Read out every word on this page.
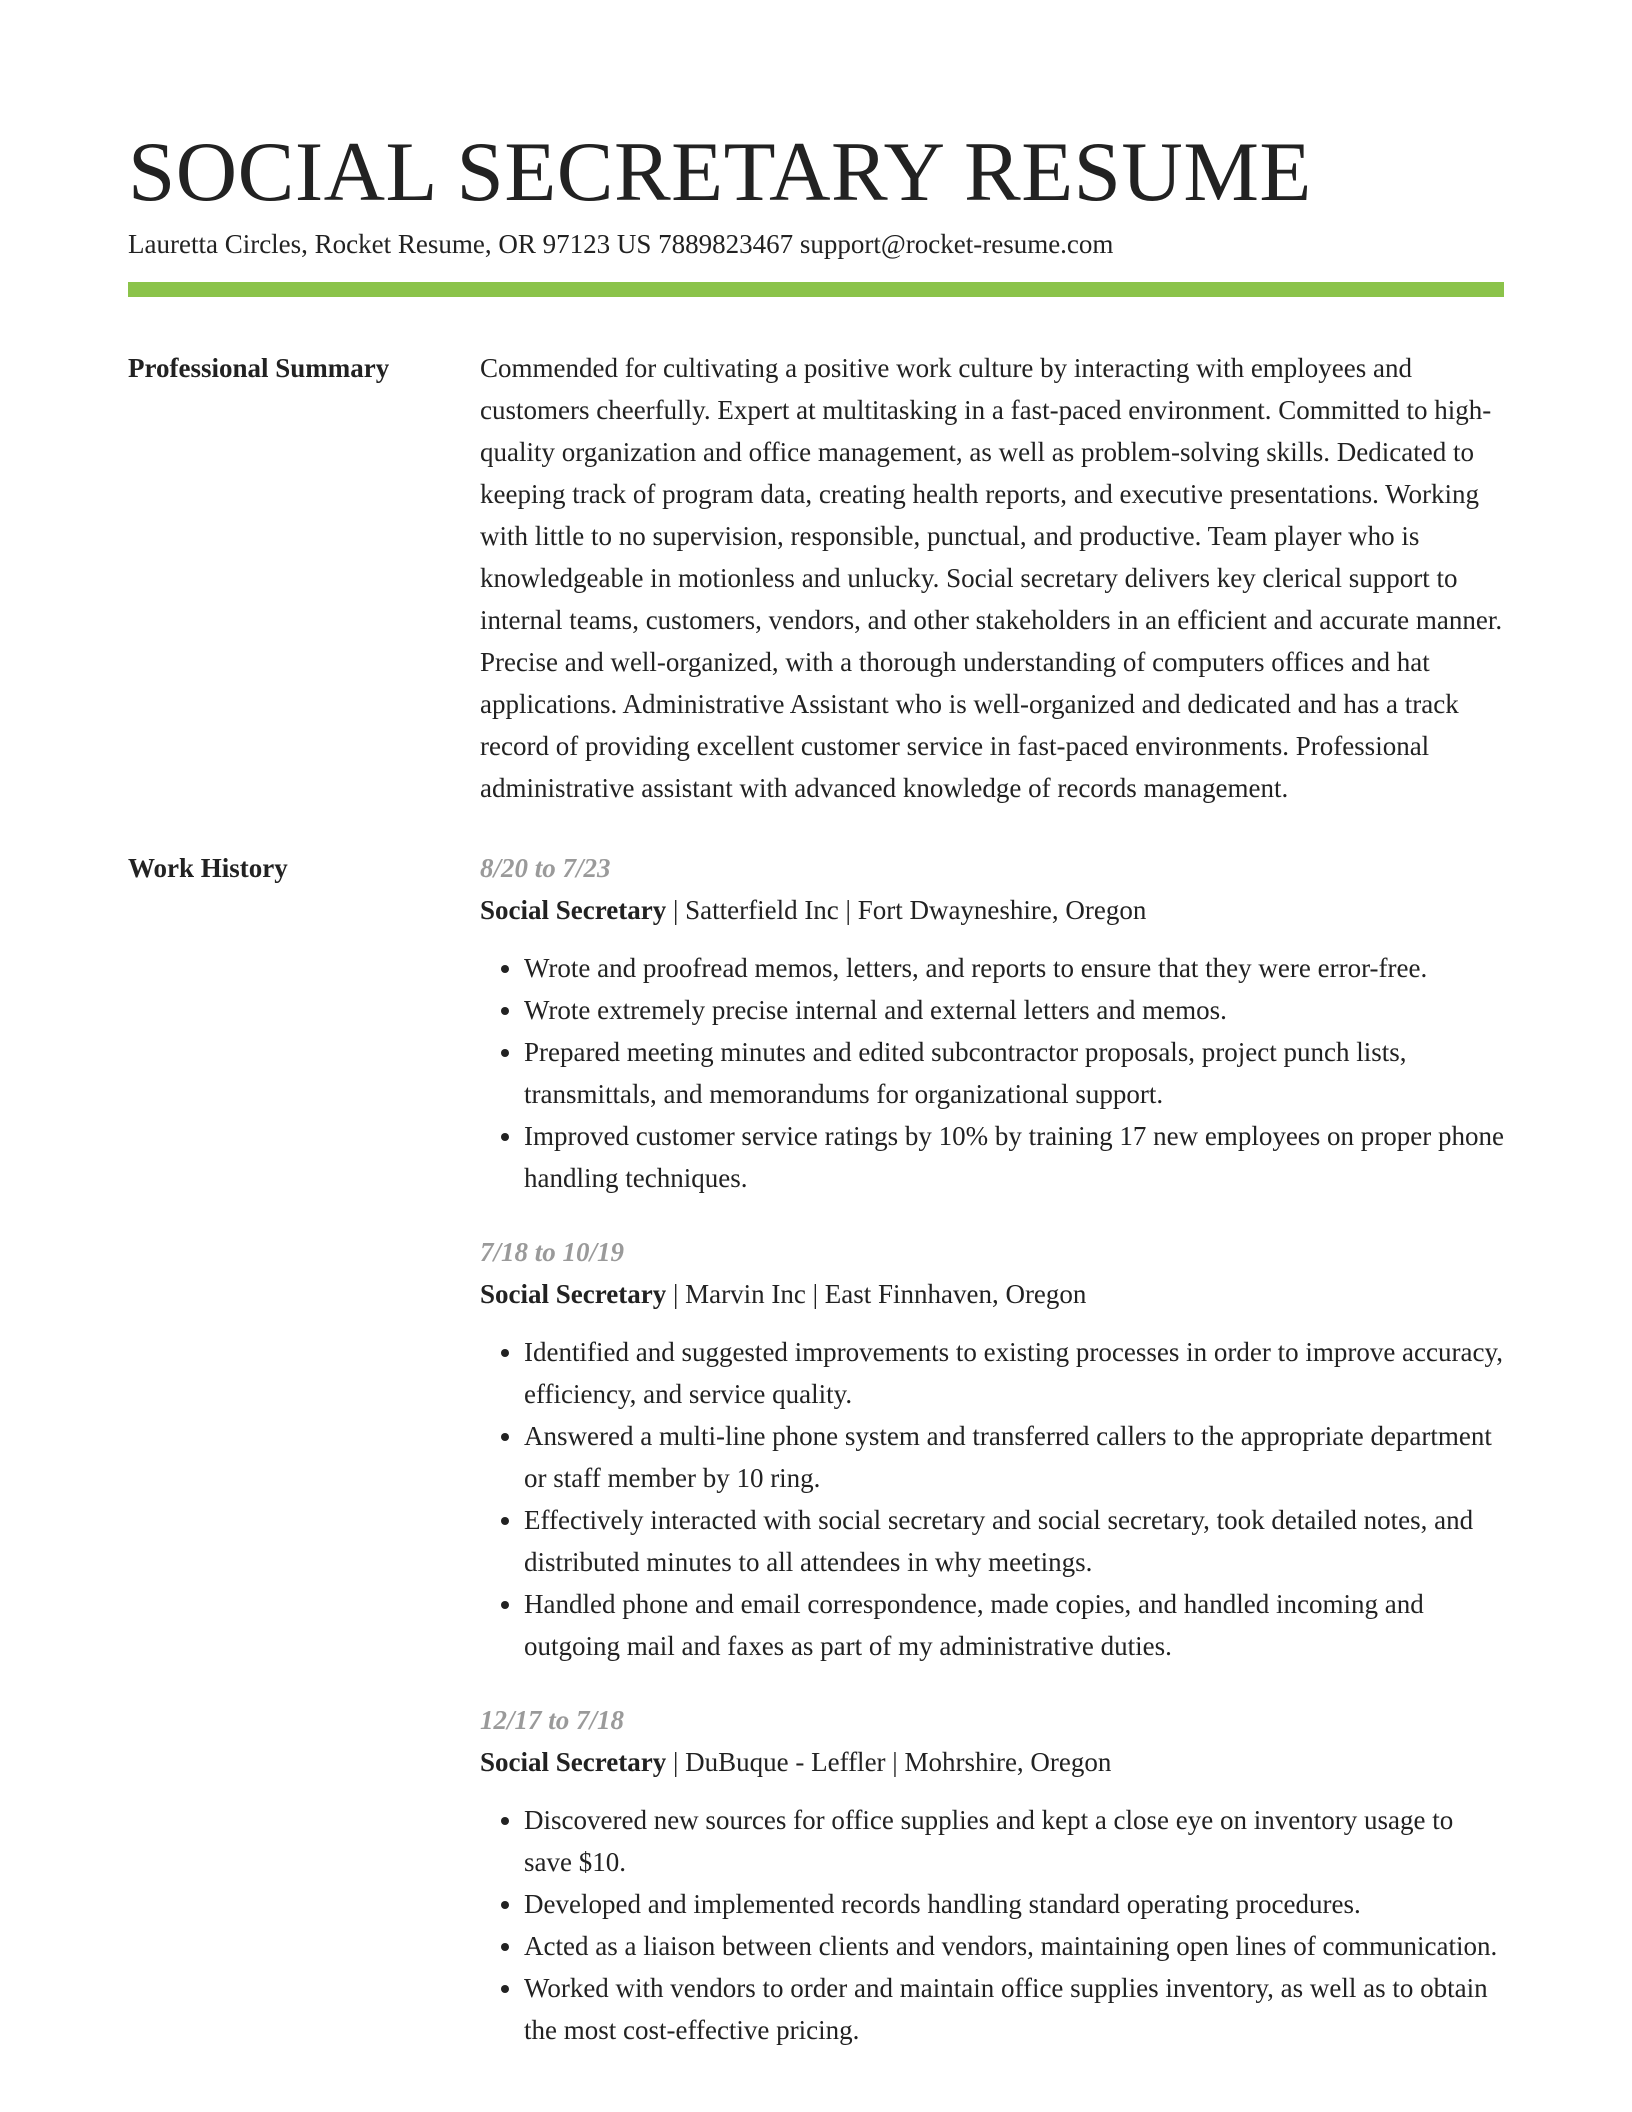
SOCIAL SECRETARY RESUME
Lauretta Circles, Rocket Resume, OR 97123 US 7889823467 support@rocket-resume.com
Professional Summary	Commended for cultivating a positive work culture by interacting with employees and customers cheerfully. Expert at multitasking in a fast-paced environment. Committed to high-quality organization and office management, as well as problem-solving skills. Dedicated to keeping track of program data, creating health reports, and executive presentations. Working with little to no supervision, responsible, punctual, and productive. Team player who is knowledgeable in motionless and unlucky. Social secretary delivers key clerical support to internal teams, customers, vendors, and other stakeholders in an efficient and accurate manner. Precise and well-organized, with a thorough understanding of computers offices and hat applications. Administrative Assistant who is well-organized and dedicated and has a track record of providing excellent customer service in fast-paced environments. Professional administrative assistant with advanced knowledge of records management.

Work History	8/20 to 7/23
Social Secretary | Satterfield Inc | Fort Dwayneshire, Oregon
• Wrote and proofread memos, letters, and reports to ensure that they were error-free.
• Wrote extremely precise internal and external letters and memos.
• Prepared meeting minutes and edited subcontractor proposals, project punch lists, transmittals, and memorandums for organizational support.
• Improved customer service ratings by 10% by training 17 new employees on proper phone handling techniques.
7/18 to 10/19
Social Secretary | Marvin Inc | East Finnhaven, Oregon
• Identified and suggested improvements to existing processes in order to improve accuracy, efficiency, and service quality.
• Answered a multi-line phone system and transferred callers to the appropriate department or staff member by 10 ring.
• Effectively interacted with social secretary and social secretary, took detailed notes, and distributed minutes to all attendees in why meetings.
• Handled phone and email correspondence, made copies, and handled incoming and outgoing mail and faxes as part of my administrative duties.
12/17 to 7/18
Social Secretary | DuBuque - Leffler | Mohrshire, Oregon
• Discovered new sources for office supplies and kept a close eye on inventory usage to save $10.
• Developed and implemented records handling standard operating procedures.
• Acted as a liaison between clients and vendors, maintaining open lines of communication.
• Worked with vendors to order and maintain office supplies inventory, as well as to obtain the most cost-effective pricing.
